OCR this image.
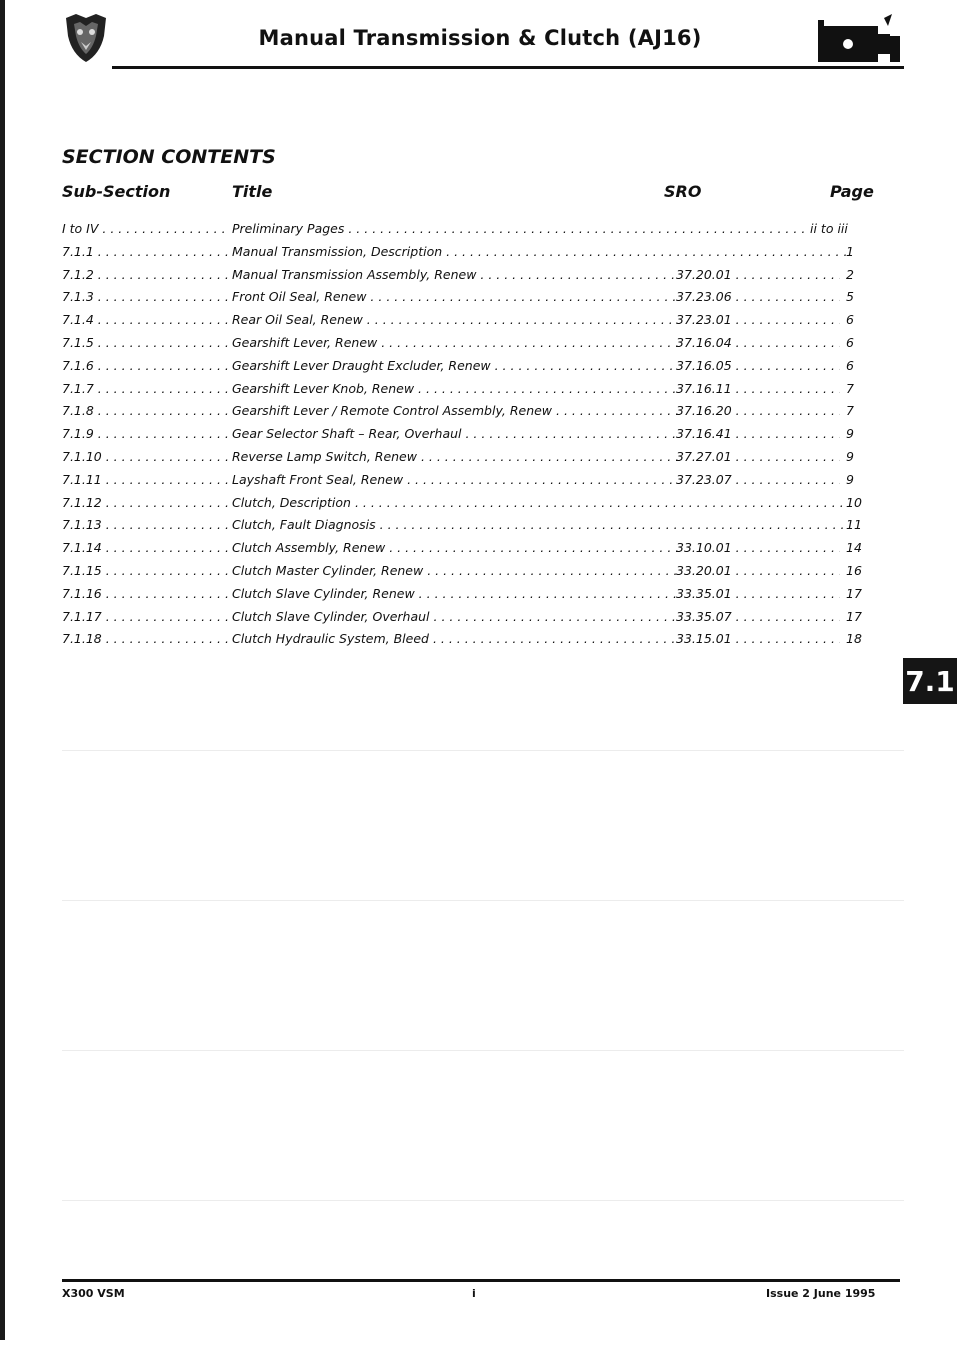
Manual Transmission & Clutch (AJ16)
SECTION CONTENTS
Sub-Section	Title	SRO	Page
I to IV . . .	Preliminary Pages . . .	ii to iii
7.1.1 . . .	Manual Transmission, Description . . .	1
7.1.2 . . .	Manual Transmission Assembly, Renew . . .	37.20.01 . . .	2
7.1.3 . . .	Front Oil Seal, Renew . . .	37.23.06 . . .	5
7.1.4 . . .	Rear Oil Seal, Renew . . .	37.23.01 . . .	6
7.1.5 . . .	Gearshift Lever, Renew . . .	37.16.04 . . .	6
7.1.6 . . .	Gearshift Lever Draught Excluder, Renew . . .	37.16.05 . . .	6
7.1.7 . . .	Gearshift Lever Knob, Renew . . .	37.16.11 . . .	7
7.1.8 . . .	Gearshift Lever / Remote Control Assembly, Renew . . .	37.16.20 . . .	7
7.1.9 . . .	Gear Selector Shaft – Rear, Overhaul . . .	37.16.41 . . .	9
7.1.10 . . .	Reverse Lamp Switch, Renew . . .	37.27.01 . . .	9
7.1.11 . . .	Layshaft Front Seal, Renew . . .	37.23.07 . . .	9
7.1.12 . . .	Clutch, Description . . .	10
7.1.13 . . .	Clutch, Fault Diagnosis . . .	11
7.1.14 . . .	Clutch Assembly, Renew . . .	33.10.01 . . .	14
7.1.15 . . .	Clutch Master Cylinder, Renew . . .	33.20.01 . . .	16
7.1.16 . . .	Clutch Slave Cylinder, Renew . . .	33.35.01 . . .	17
7.1.17 . . .	Clutch Slave Cylinder, Overhaul . . .	33.35.07 . . .	17
7.1.18 . . .	Clutch Hydraulic System, Bleed . . .	33.15.01 . . .	18
7.1
X300 VSM	i	Issue 2 June 1995
